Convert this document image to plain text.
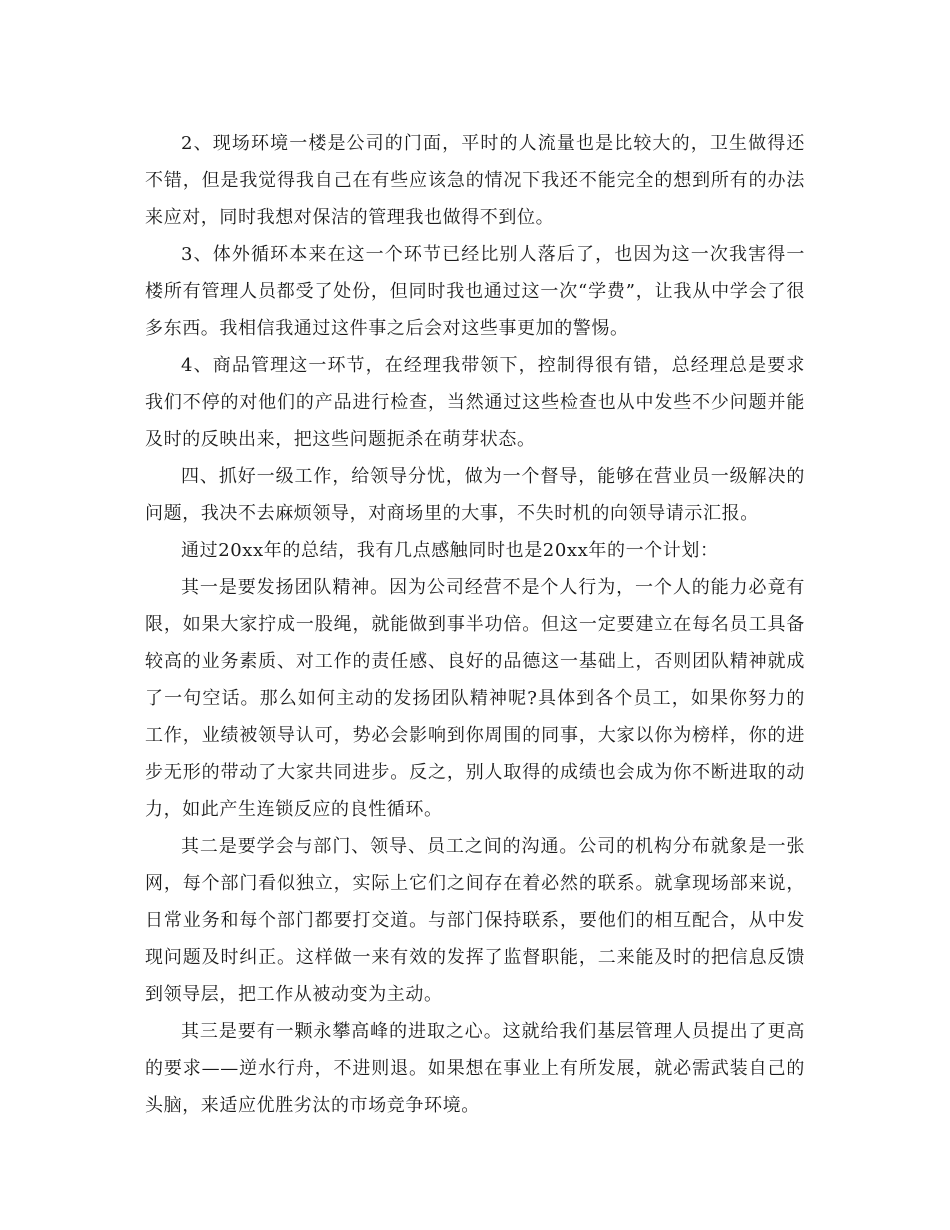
2、现场环境一楼是公司的门面，平时的人流量也是比较大的，卫生做得还不错，但是我觉得我自己在有些应该急的情况下我还不能完全的想到所有的办法来应对，同时我想对保洁的管理我也做得不到位。

3、体外循环本来在这一个环节已经比别人落后了，也因为这一次我害得一楼所有管理人员都受了处份，但同时我也通过这一次“学费”，让我从中学会了很多东西。我相信我通过这件事之后会对这些事更加的警惕。

4、商品管理这一环节，在经理我带领下，控制得很有错，总经理总是要求我们不停的对他们的产品进行检查，当然通过这些检查也从中发些不少问题并能及时的反映出来，把这些问题扼杀在萌芽状态。

四、抓好一级工作，给领导分忧，做为一个督导，能够在营业员一级解决的问题，我决不去麻烦领导，对商场里的大事，不失时机的向领导请示汇报。

通过20xx年的总结，我有几点感触同时也是20xx年的一个计划：

其一是要发扬团队精神。因为公司经营不是个人行为，一个人的能力必竟有限，如果大家拧成一股绳，就能做到事半功倍。但这一定要建立在每名员工具备较高的业务素质、对工作的责任感、良好的品德这一基础上，否则团队精神就成了一句空话。那么如何主动的发扬团队精神呢?具体到各个员工，如果你努力的工作，业绩被领导认可，势必会影响到你周围的同事，大家以你为榜样，你的进步无形的带动了大家共同进步。反之，别人取得的成绩也会成为你不断进取的动力，如此产生连锁反应的良性循环。

其二是要学会与部门、领导、员工之间的沟通。公司的机构分布就象是一张网，每个部门看似独立，实际上它们之间存在着必然的联系。就拿现场部来说，日常业务和每个部门都要打交道。与部门保持联系，要他们的相互配合，从中发现问题及时纠正。这样做一来有效的发挥了监督职能，二来能及时的把信息反馈到领导层，把工作从被动变为主动。

其三是要有一颗永攀高峰的进取之心。这就给我们基层管理人员提出了更高的要求——逆水行舟，不进则退。如果想在事业上有所发展，就必需武装自己的头脑，来适应优胜劣汰的市场竞争环境。
